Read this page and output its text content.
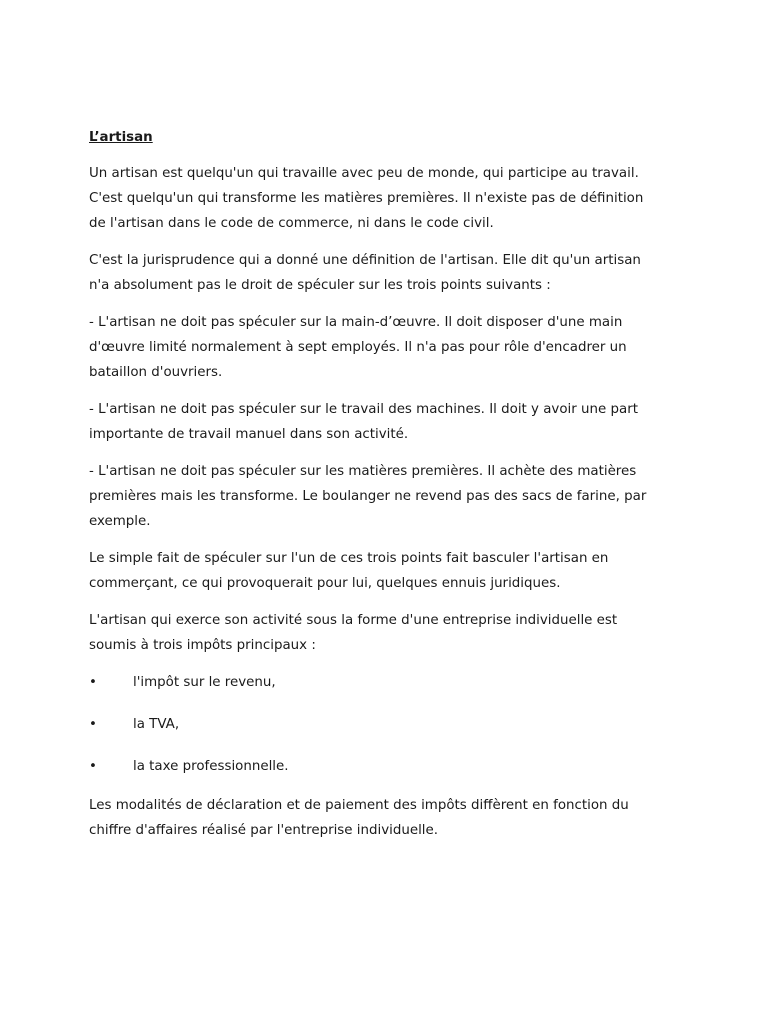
L’artisan

Un artisan est quelqu'un qui travaille avec peu de monde, qui participe au travail.
C'est quelqu'un qui transforme les matières premières. Il n'existe pas de définition
de l'artisan dans le code de commerce, ni dans le code civil.

C'est la jurisprudence qui a donné une définition de l'artisan. Elle dit qu'un artisan
n'a absolument pas le droit de spéculer sur les trois points suivants :

- L'artisan ne doit pas spéculer sur la main-d’œuvre. Il doit disposer d'une main
d'œuvre limité normalement à sept employés. Il n'a pas pour rôle d'encadrer un
bataillon d'ouvriers.

- L'artisan ne doit pas spéculer sur le travail des machines. Il doit y avoir une part
importante de travail manuel dans son activité.

- L'artisan ne doit pas spéculer sur les matières premières. Il achète des matières
premières mais les transforme. Le boulanger ne revend pas des sacs de farine, par
exemple.

Le simple fait de spéculer sur l'un de ces trois points fait basculer l'artisan en
commerçant, ce qui provoquerait pour lui, quelques ennuis juridiques.

L'artisan qui exerce son activité sous la forme d'une entreprise individuelle est
soumis à trois impôts principaux :

•	l'impôt sur le revenu,
•	la TVA,
•	la taxe professionnelle.

Les modalités de déclaration et de paiement des impôts diffèrent en fonction du
chiffre d'affaires réalisé par l'entreprise individuelle.
